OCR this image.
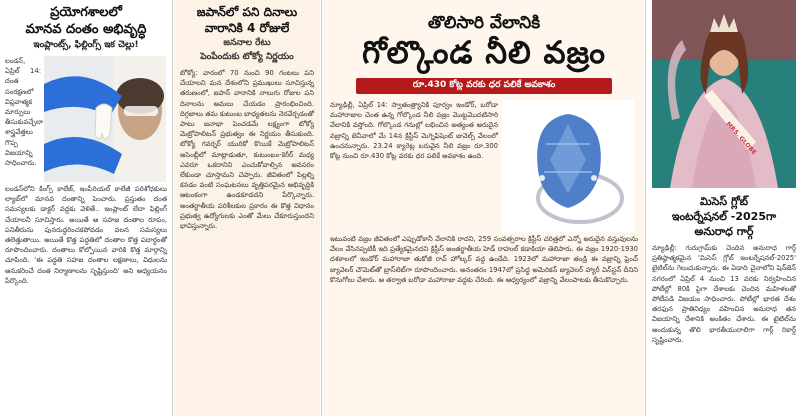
ప్రయోగశాలలో
మానవ దంతం అభివృద్ధి
ఇంప్లాంట్స్, ఫిల్లింగ్స్ ఇక చెల్లు!
లండన్, ఏప్రిల్ 14: దంత సంరక్షణలో విప్లవాత్మక మార్పులు తీసుకువచ్చేలా శాస్త్రవేత్తలు గొప్ప విజయాన్ని సాధించారు.
లండన్‌లోని కింగ్స్ కాలేజ్, ఇంపీరియల్ కాలేజీ పరిశోధకులు ల్యాబ్‌లో మానవ దంతాన్ని పెంచారు. ప్రస్తుతం దంత సమస్యలకు డాక్టర్ వద్దకు వెళితే.. ఇంప్లాంట్ లేదా ఫిల్లింగ్ చేయాలనీ సూచిస్తారు. అయితే ఆ సహజ దంతాల రూపం, పనితీరును పునరుద్ధరించకపోవడం వలన సమస్యలు తలెత్తుతాయి. అయితే కొత్త పద్ధతిలో దంతాల కొత్త పదార్థంతో రూపొందించారు. దంతాలు కోల్పోయిన వారికి కొత్త మార్గాన్ని చూపింది. 'ఈ పద్ధతి సహజ దంతాల లక్షణాలు, విధులను అనుకరించే దంత నిర్మాణాలను సృష్టిస్తుంది' అని అధ్యయనం పేర్కొంది.
జపాన్‌లో పని దినాలు
వారానికి 4 రోజులే
జననాల రేటు
పెంపేందుకు టోక్యో నిర్ణయం
టోక్యో: వారంలో 70 నుంచి 90 గంటలు పని చేయాలని మన దేశంలోని ప్రముఖులు సూచిస్తున్న తరుణంలో, జపాన్ వారానికి నాలుగు రోజుల పని దినాలను అమలు చేయడం ప్రారంభించింది. దిగ్గజాలు తమ కుటుంబ బాధ్యతలను నెరవేర్చడంతో పాటు జనాభా పెంచడమే లక్ష్యంగా టోక్యో మెట్రోపాలిటన్ ప్రభుత్వం ఈ నిర్ణయం తీసుకుంది. టోక్యో గవర్నర్ యురికో కొయికే మెట్రోపాలిటన్ అసెంబ్లీలో మాట్లాడుతూ, కుటుంబం-కెరీర్ మధ్య ఎవరూ ఒకదానిని ఎంచుకోవాల్సిన అవసరం లేకుండా చూస్తామని చెప్పారు. జీవితంలో పిల్లల్ని కనడం వంటి సంఘటనలు వృత్తిపరమైన అభివృద్ధికి ఆటంకంగా ఉండకూడదని పేర్కొన్నారు. అంతర్జాతీయ పరిశీలకుల ప్రకారం ఈ కొత్త విధానం ప్రభుత్వ ఉద్యోగులకు ఎంతో మేలు చేకూరుస్తుందని భావిస్తున్నారు.
తొలిసారి వేలానికి
గోల్కొండ నీలి వజ్రం
రూ.430 కోట్ల వరకు ధర పలికే అవకాశం
న్యూఢిల్లీ, ఏప్రిల్ 14: స్వాతంత్ర్యానికి పూర్వం ఇండోర్, బరోడా మహారాజుల చెంత ఉన్న గోల్కొండ నీలి వజ్రం మొట్టమొదటిసారి వేలానికి వస్తోంది. గోల్కొండ గనుల్లో లభించిన అత్యంత అరుదైన వజ్రాన్ని జెనీవాలో మే 14న క్రిస్టీస్ మెగ్నిఫిషెంట్ జువెల్స్ వేలంలో ఉంచనున్నారు. 23.24 క్యారెట్ల బరువైన నీలి వజ్రం రూ.300 కోట్ల నుంచి రూ.430 కోట్ల వరకు ధర పలికే అవకాశం ఉంది.
ఇటువంటి వజ్రం జీవితంలో ఎప్పుడోకానీ వేలానికి రాదని, 259 సంవత్సరాల క్రిస్టీస్ చరిత్రలో ఎన్నో అరుదైన వస్తువులను వేలం వేసినప్పటికీ ఇది ప్రత్యేకమైనదని క్రిస్టీస్ అంతర్జాతీయ హెడ్ రాహుల్ కడాకియా తెలిపారు. ఈ వజ్రం 1920-1930 దశకాలలో ఇండోర్ మహారాజా తుకోజీ రావ్ హోల్కర్ వద్ద ఉండేది. 1923లో మహారాజా తండ్రి ఈ వజ్రాన్ని ఫ్రెంచ్ జ్యువెలర్ చౌమెట్‌తో బ్రాస్‌లెట్‌గా రూపొందించారు. అనంతరం 1947లో ప్రసిద్ధ అమెరికన్ జ్యువెలర్ హ్యారీ విన్‌స్టన్ దీనిని కొనుగోలు చేశారు. ఆ తర్వాత బరోడా మహారాజు వద్దకు చేరింది. ఈ ఆధ్వర్యంలో వజ్రాన్ని వేలంపాటకు తీసుకొచ్చారు.
MRS. GLOBE
మిసెస్ గ్లోబ్
ఇంటర్నేషనల్ -2025గా
అనురాధ గార్గ్
న్యూఢిల్లీ: గురుగ్రామ్‌కు చెందిన అనురాధ గార్గ్ ప్రతిష్ఠాత్మకమైన 'మిసెస్ గ్లోబ్ ఇంటర్నేషనల్-2025' టైటిల్‌ను గెలుచుకున్నారు. ఈ ఏడాది చైనాలోని షెన్‌జెన్ నగరంలో ఏప్రిల్ 4 నుంచి 13 వరకు నిర్వహించిన పోటీల్లో 80కి పైగా దేశాలకు చెందిన మహిళలతో పోటీపడి విజయం సాధించారు. పోటీల్లో భారత దేశం తరఫున ప్రాతినిధ్యం వహించిన అనురాధ తన విజయాన్ని దేశానికి అంకితం చేశారు. ఈ టైటిల్‌ను అందుకున్న తొలి భారతీయురాలిగా గార్గ్ రికార్డ్ సృష్టించారు.
